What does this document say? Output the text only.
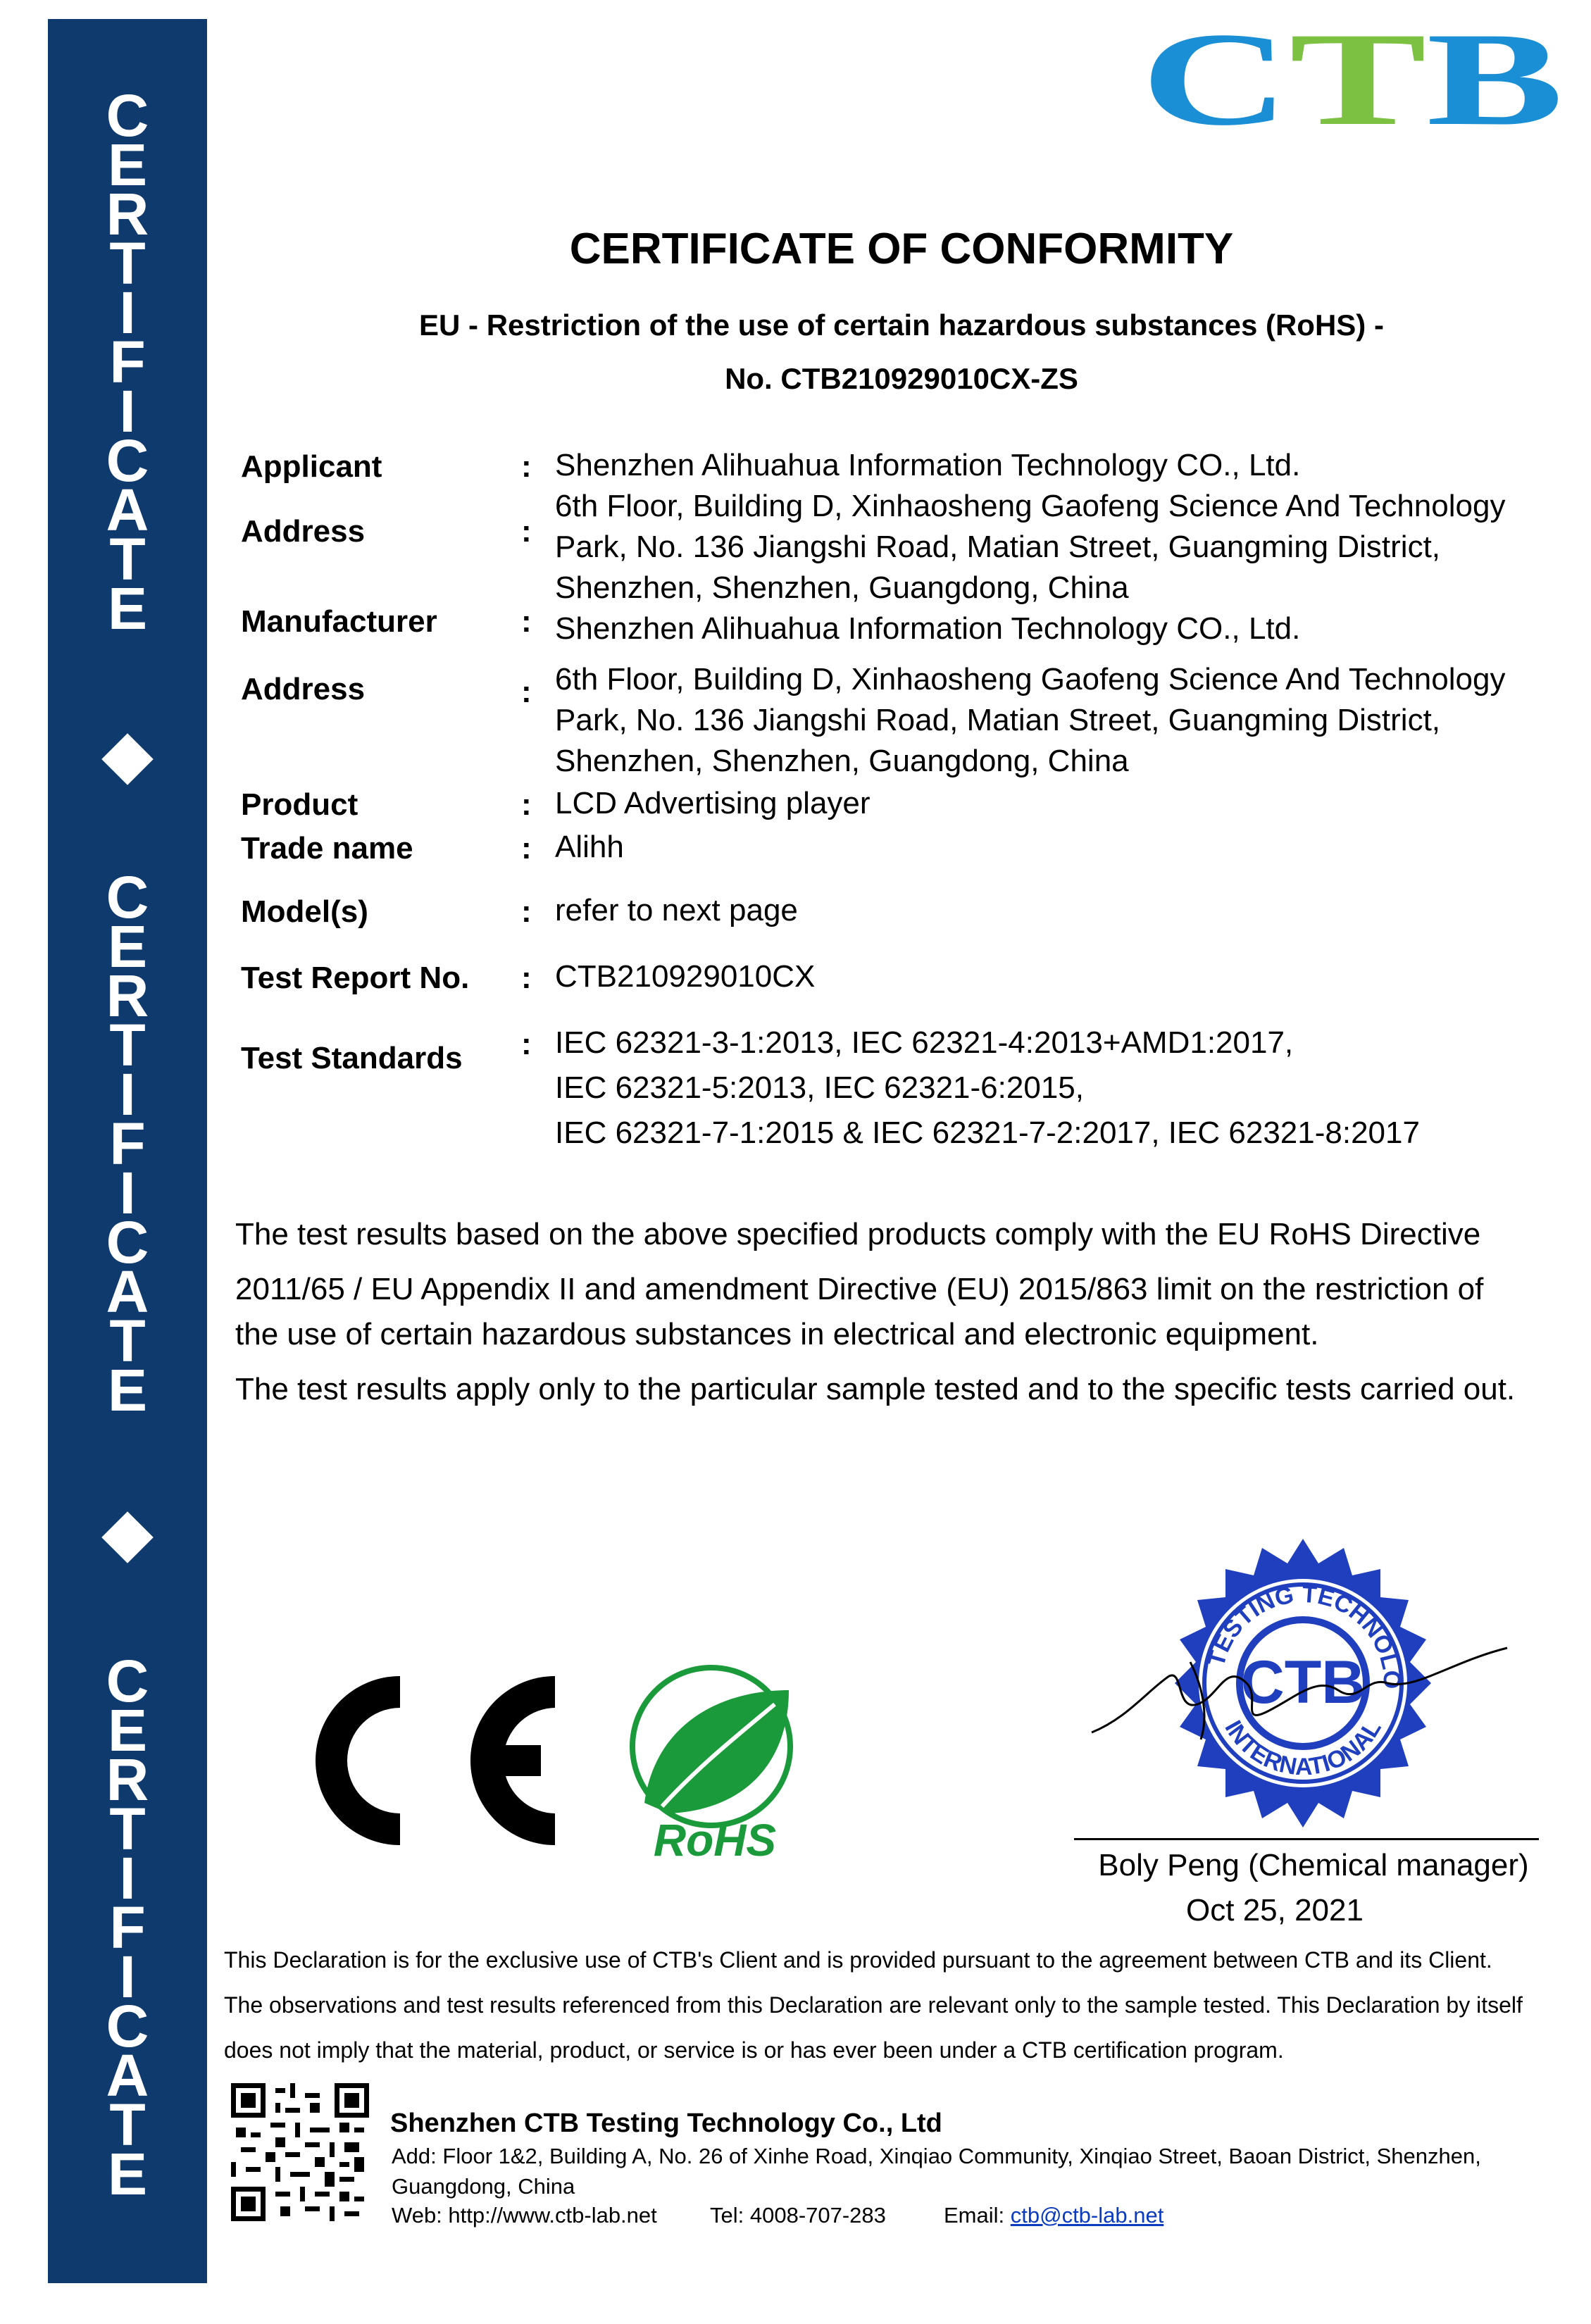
C
E
R
T
I
F
I
C
A
T
E
C
E
R
T
I
F
I
C
A
T
E
C
E
R
T
I
F
I
C
A
T
E
C T B
CERTIFICATE OF CONFORMITY
EU - Restriction of the use of certain hazardous substances (RoHS) -
No. CTB210929010CX-ZS
Applicant	: Shenzhen Alihuahua Information Technology CO., Ltd.
Address	:
6th Floor, Building D, Xinhaosheng Gaofeng Science And Technology
Park, No. 136 Jiangshi Road, Matian Street, Guangming District,
Shenzhen, Shenzhen, Guangdong, China
Manufacturer	: Shenzhen Alihuahua Information Technology CO., Ltd.
Address	: 6th Floor, Building D, Xinhaosheng Gaofeng Science And Technology
Park, No. 136 Jiangshi Road, Matian Street, Guangming District,
Shenzhen, Shenzhen, Guangdong, China
Product	: LCD Advertising player
Trade name	: Alihh
Model(s)	: refer to next page
Test Report No. : CTB210929010CX
Test Standards : IEC 62321-3-1:2013, IEC 62321-4:2013+AMD1:2017,
IEC 62321-5:2013, IEC 62321-6:2015,
IEC 62321-7-1:2015 & IEC 62321-7-2:2017, IEC 62321-8:2017
The test results based on the above specified products comply with the EU RoHS Directive
2011/65 / EU Appendix II and amendment Directive (EU) 2015/863 limit on the restriction of
the use of certain hazardous substances in electrical and electronic equipment.
The test results apply only to the particular sample tested and to the specific tests carried out.
RoHS
TESTING TECHNOLO
INTERNATIONAL
CTB
Boly Peng (Chemical manager)
Oct 25, 2021
This Declaration is for the exclusive use of CTB's Client and is provided pursuant to the agreement between CTB and its Client.
The observations and test results referenced from this Declaration are relevant only to the sample tested. This Declaration by itself
does not imply that the material, product, or service is or has ever been under a CTB certification program.
Shenzhen CTB Testing Technology Co., Ltd
Add: Floor 1&2, Building A, No. 26 of Xinhe Road, Xinqiao Community, Xinqiao Street, Baoan District, Shenzhen,
Guangdong, China
Web: http://www.ctb-lab.net Tel: 4008-707-283	Email: ctb@ctb-lab.net
